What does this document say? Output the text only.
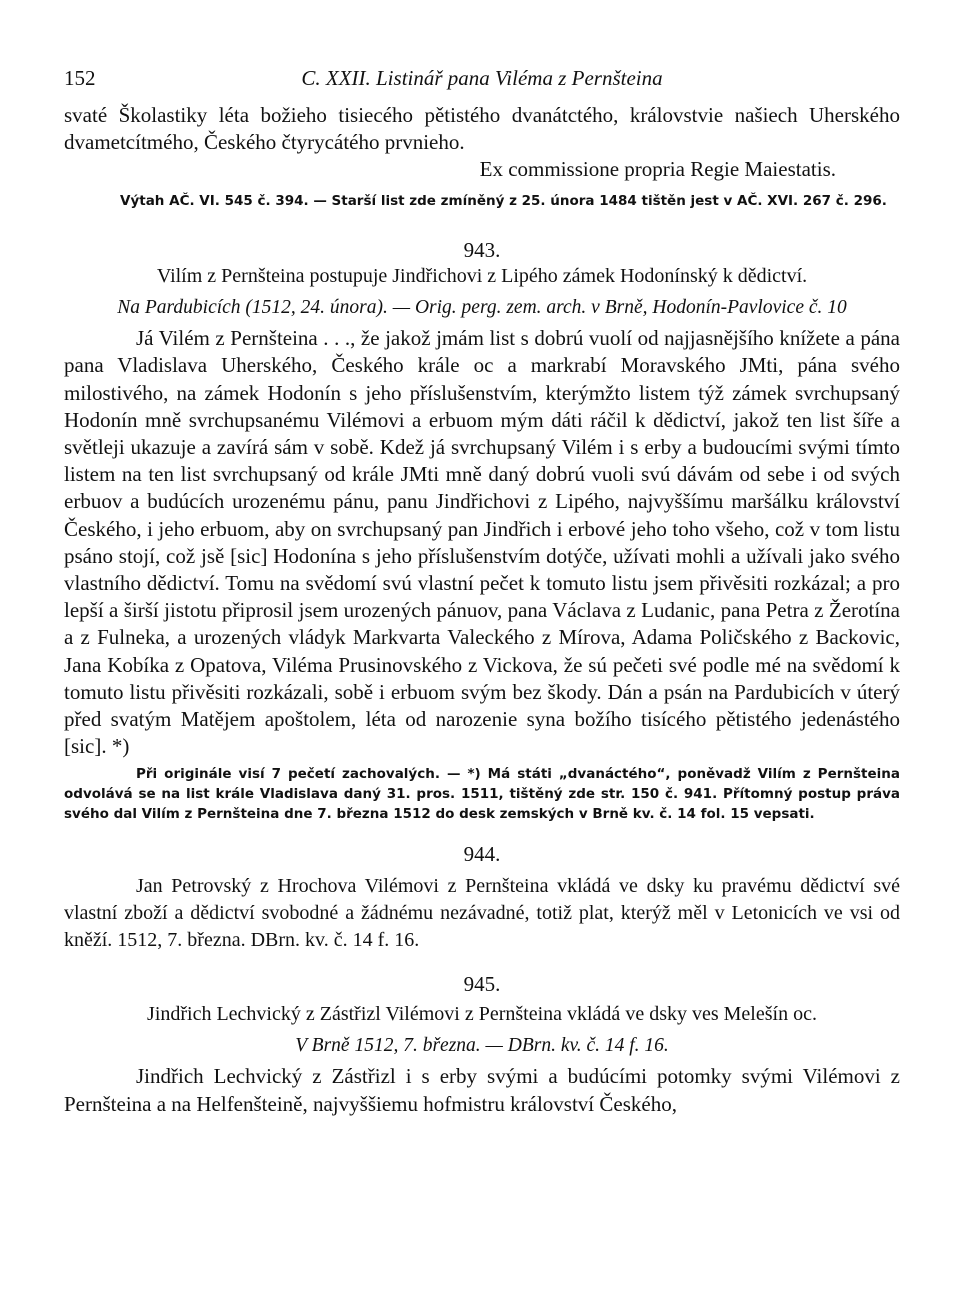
152	C. XXII. Listinář pana Viléma z Pernšteina

svaté Školastiky léta božieho tisiecého pětistého dvanátctého, královstvie našiech Uherského dvametcítmého, Českého čtyrycátého prvnieho.

Ex commissione propria Regie Maiestatis.

Výtah AČ. VI. 545 č. 394. — Starší list zde zmíněný z 25. února 1484 tištěn jest v AČ. XVI. 267 č. 296.

943.

Vilím z Pernšteina postupuje Jindřichovi z Lipého zámek Hodonínský k dědictví.

Na Pardubicích (1512, 24. února). — Orig. perg. zem. arch. v Brně, Hodonín-Pavlovice č. 10

Já Vilém z Pernšteina . . ., že jakož jmám list s dobrú vuolí od najjasnějšího knížete a pána pana Vladislava Uherského, Českého krále oc a markrabí Moravského JMti, pána svého milostivého, na zámek Hodonín s jeho příslušenstvím, kterýmžto listem týž zámek svrchupsaný Hodonín mně svrchupsanému Vilémovi a erbuom mým dáti ráčil k dědictví, jakož ten list šíře a světleji ukazuje a zavírá sám v sobě. Kdež já svrchupsaný Vilém i s erby a budoucími svými tímto listem na ten list svrchupsaný od krále JMti mně daný dobrú vuoli svú dávám od sebe i od svých erbuov a budúcích urozenému pánu, panu Jindřichovi z Lipého, najvyššímu maršálku království Českého, i jeho erbuom, aby on svrchupsaný pan Jindřich i erbové jeho toho všeho, což v tom listu psáno stojí, což jsě [sic] Hodonína s jeho příslušenstvím dotýče, užívati mohli a užívali jako svého vlastního dědictví. Tomu na svědomí svú vlastní pečet k tomuto listu jsem přivěsiti rozkázal; a pro lepší a širší jistotu připrosil jsem urozených pánuov, pana Václava z Ludanic, pana Petra z Žerotína a z Fulneka, a urozených vládyk Markvarta Valeckého z Mírova, Adama Poličského z Backovic, Jana Kobíka z Opatova, Viléma Prusinovského z Vickova, že sú pečeti své podle mé na svědomí k tomuto listu přivěsiti rozkázali, sobě i erbuom svým bez škody. Dán a psán na Pardubicích v úterý před svatým Matějem apoštolem, léta od narozenie syna božího tisícého pětistého jedenástého [sic]. *)

Při originále visí 7 pečetí zachovalých. — *) Má státi „dvanáctého“, poněvadž Vilím z Pernšteina odvolává se na list krále Vladislava daný 31. pros. 1511, tištěný zde str. 150 č. 941. Přítomný postup práva svého dal Vilím z Pernšteina dne 7. března 1512 do desk zemských v Brně kv. č. 14 fol. 15 vepsati.

944.

Jan Petrovský z Hrochova Vilémovi z Pernšteina vkládá ve dsky ku pravému dědictví své vlastní zboží a dědictví svobodné a žádnému nezávadné, totiž plat, kterýž měl v Letonicích ve vsi od kněží. 1512, 7. března. DBrn. kv. č. 14 f. 16.

945.

Jindřich Lechvický z Zástřizl Vilémovi z Pernšteina vkládá ve dsky ves Melešín oc.

V Brně 1512, 7. března. — DBrn. kv. č. 14 f. 16.

Jindřich Lechvický z Zástřizl i s erby svými a budúcími potomky svými Vilémovi z Pernšteina a na Helfenšteině, najvyššiemu hofmistru království Českého,
